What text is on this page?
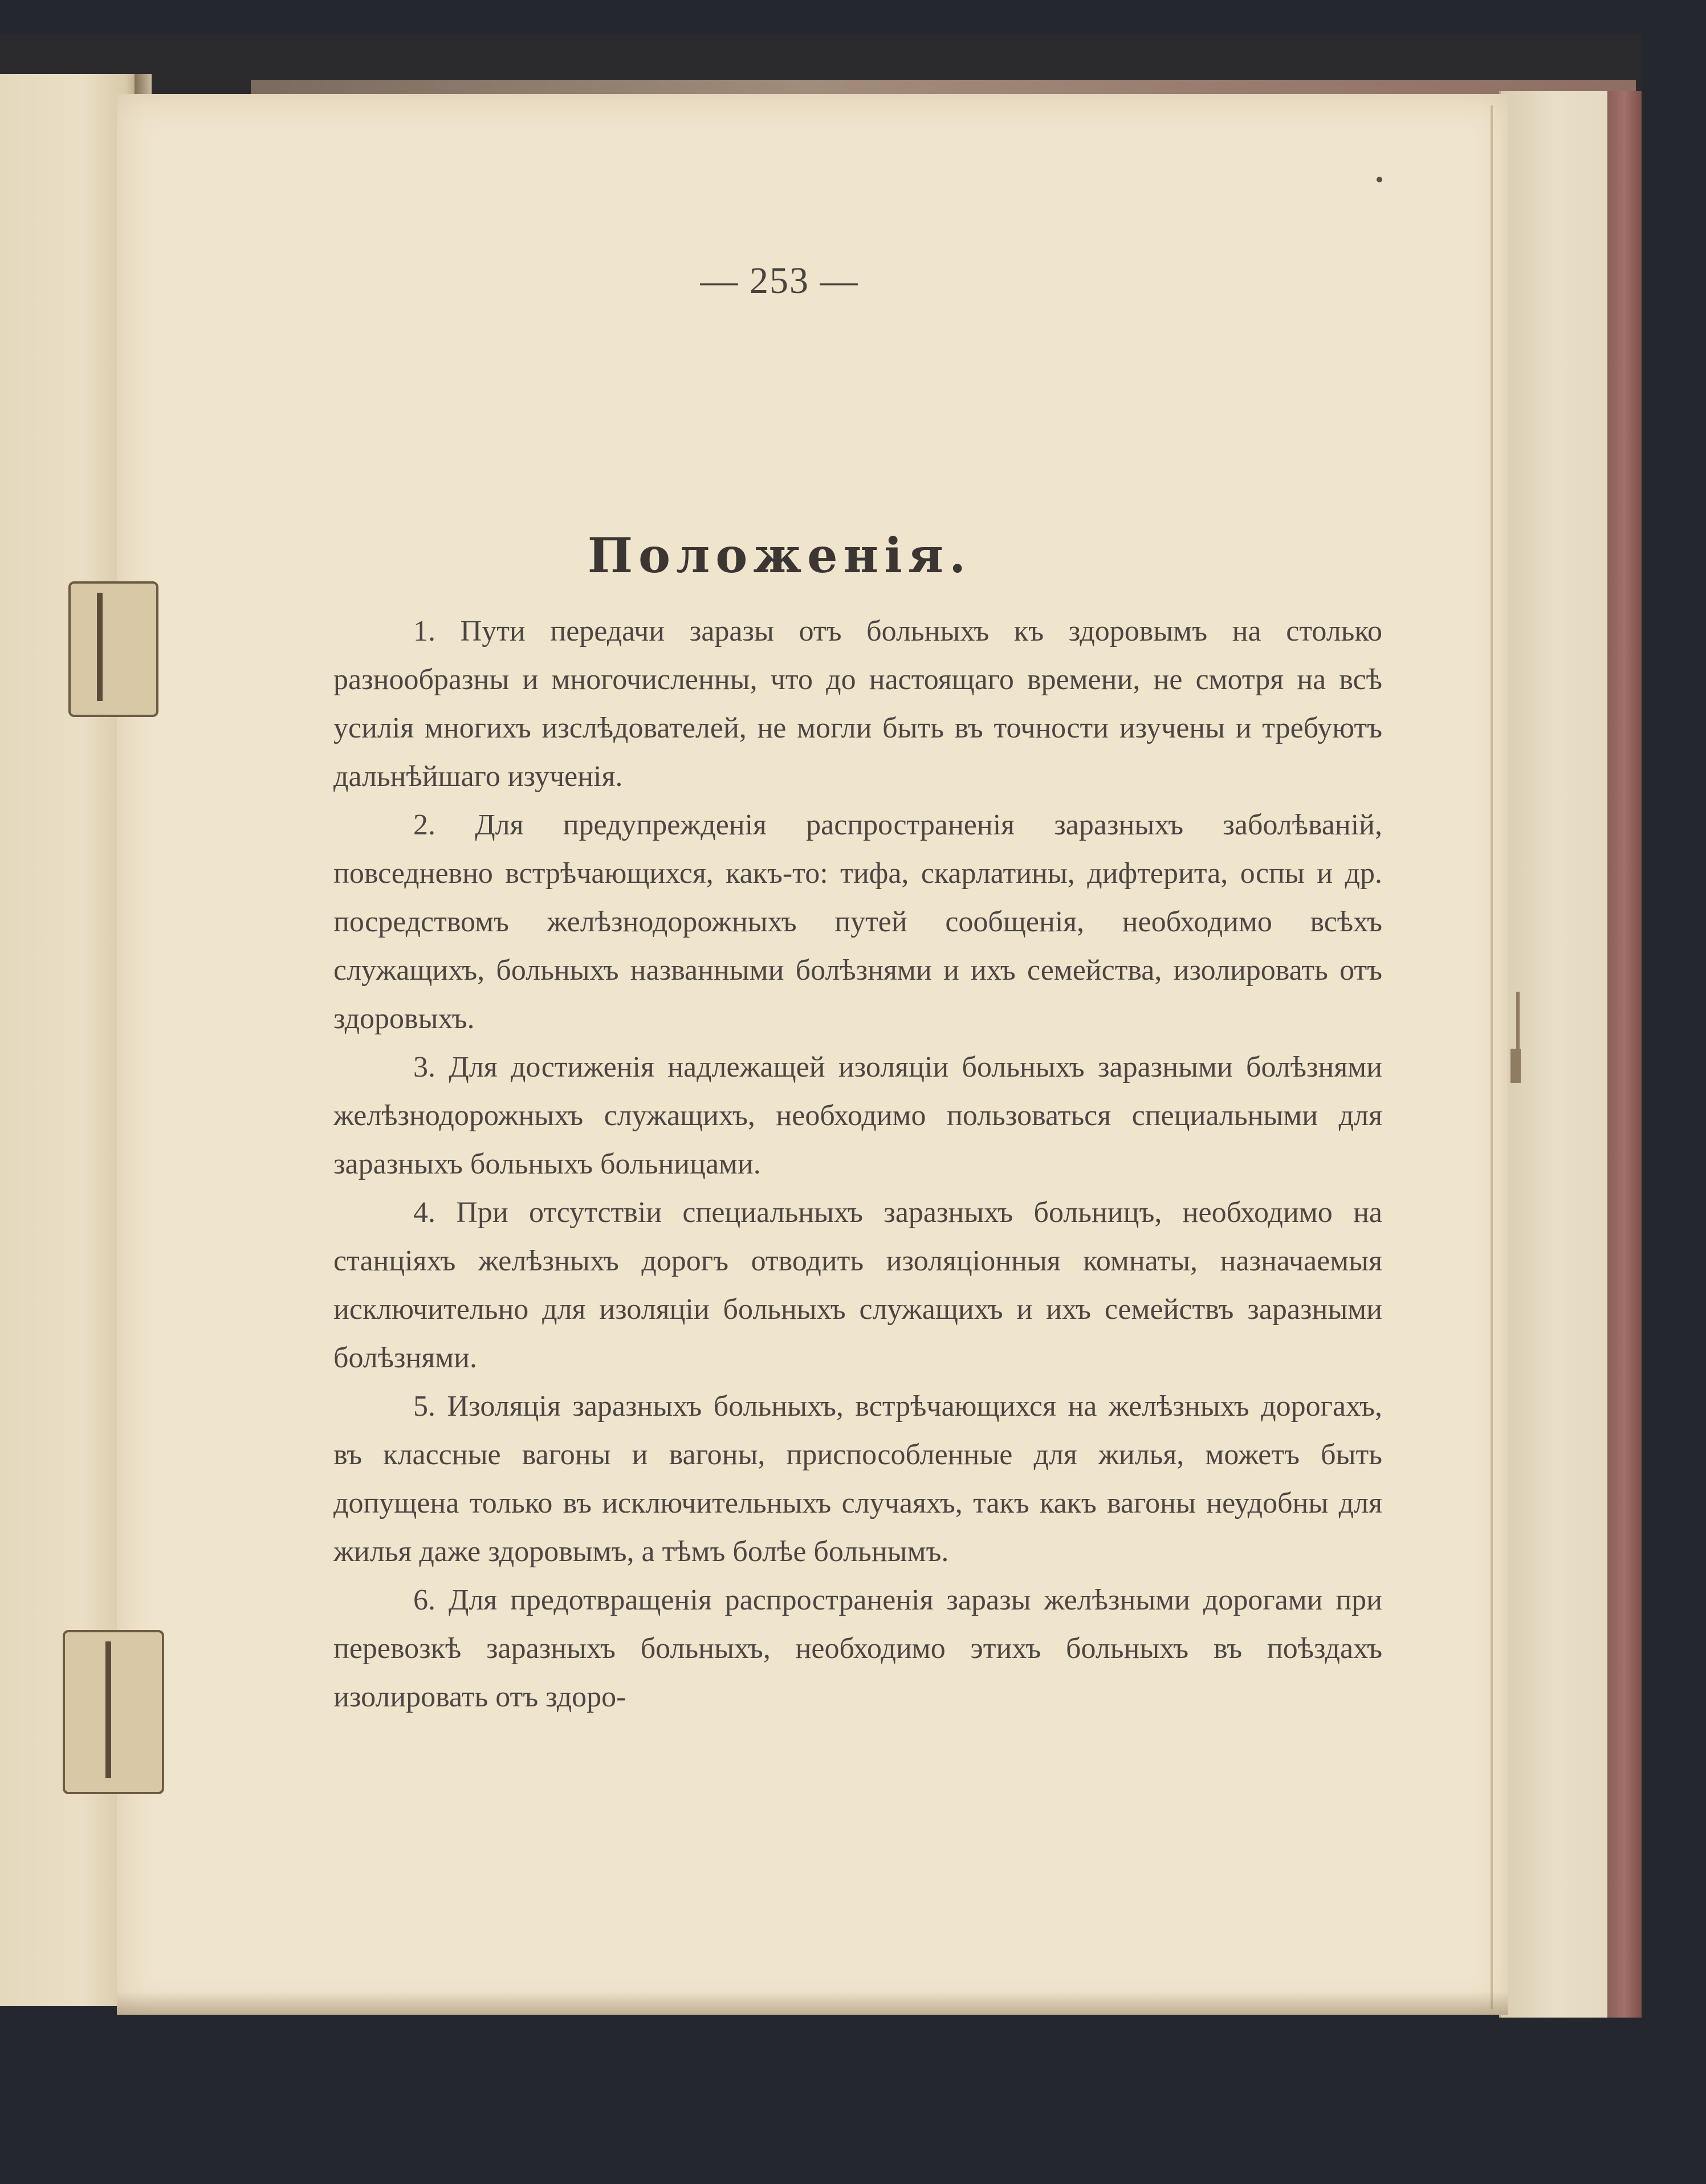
— 253 —
Положенiя.

1. Пути передачи заразы отъ больныхъ къ здоровымъ на столько разнообразны и многочисленны, что до настоящаго времени, не смотря на всѣ усилiя многихъ изслѣдователей, не могли быть въ точности изучены и требуютъ дальнѣйшаго изученiя.

2. Для предупрежденiя распространенiя заразныхъ заболѣванiй, повседневно встрѣчающихся, какъ-то: тифа, скарлатины, дифтерита, оспы и др. посредствомъ желѣзнодорожныхъ путей сообщенiя, необходимо всѣхъ служащихъ, больныхъ названными болѣзнями и ихъ семейства, изолировать отъ здоровыхъ.

3. Для достиженiя надлежащей изоляцiи больныхъ заразными болѣзнями желѣзнодорожныхъ служащихъ, необходимо пользоваться специальными для заразныхъ больныхъ больницами.

4. При отсутствiи специальныхъ заразныхъ больницъ, необходимо на станцiяхъ желѣзныхъ дорогъ отводить изоляцiонныя комнаты, назначаемыя исключительно для изоляцiи больныхъ служащихъ и ихъ семействъ заразными болѣзнями.

5. Изоляцiя заразныхъ больныхъ, встрѣчающихся на желѣзныхъ дорогахъ, въ классные вагоны и вагоны, приспособленные для жилья, можетъ быть допущена только въ исключительныхъ случаяхъ, такъ какъ вагоны неудобны для жилья даже здоровымъ, а тѣмъ болѣе больнымъ.

6. Для предотвращенiя распространенiя заразы желѣзными дорогами при перевозкѣ заразныхъ больныхъ, необходимо этихъ больныхъ въ поѣздахъ изолировать отъ здоро-
